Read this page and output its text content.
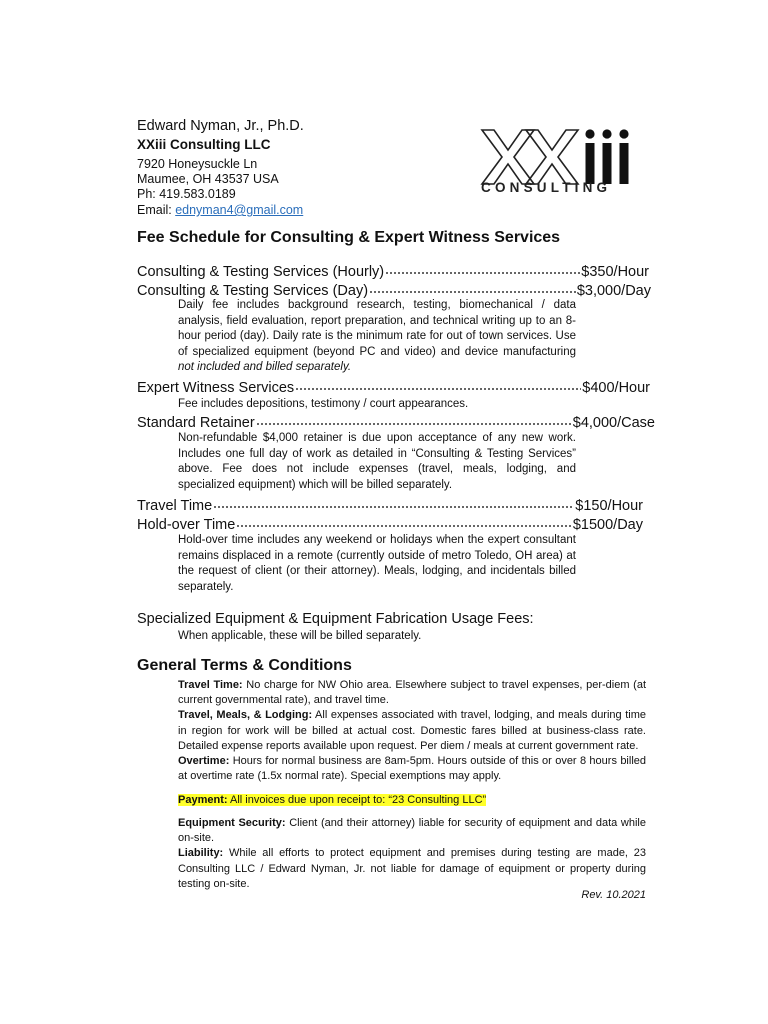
Edward Nyman, Jr., Ph.D.
XXiii Consulting LLC
7920 Honeysuckle Ln
Maumee, OH 43537 USA
Ph: 419.583.0189
Email: ednyman4@gmail.com
CONSULTING
Fee Schedule for Consulting & Expert Witness Services
Consulting & Testing Services (Hourly)	$350/Hour
Consulting & Testing Services (Day)	$3,000/Day
Daily fee includes background research, testing, biomechanical / data analysis, field evaluation, report preparation, and technical writing up to an 8-hour period (day). Daily rate is the minimum rate for out of town services. Use of specialized equipment (beyond PC and video) and device manufacturing not included and billed separately.
Expert Witness Services	$400/Hour
Fee includes depositions, testimony / court appearances.
Standard Retainer	$4,000/Case
Non-refundable $4,000 retainer is due upon acceptance of any new work. Includes one full day of work as detailed in “Consulting & Testing Services” above. Fee does not include expenses (travel, meals, lodging, and specialized equipment) which will be billed separately.
Travel Time	$150/Hour
Hold-over Time	$1500/Day
Hold-over time includes any weekend or holidays when the expert consultant remains displaced in a remote (currently outside of metro Toledo, OH area) at the request of client (or their attorney). Meals, lodging, and incidentals billed separately.
Specialized Equipment & Equipment Fabrication Usage Fees:
When applicable, these will be billed separately.
General Terms & Conditions
Travel Time: No charge for NW Ohio area. Elsewhere subject to travel expenses, per-diem (at current governmental rate), and travel time.
Travel, Meals, & Lodging: All expenses associated with travel, lodging, and meals during time in region for work will be billed at actual cost. Domestic fares billed at business-class rate. Detailed expense reports available upon request. Per diem / meals at current government rate.
Overtime: Hours for normal business are 8am-5pm. Hours outside of this or over 8 hours billed at overtime rate (1.5x normal rate). Special exemptions may apply.
Payment: All invoices due upon receipt to: “23 Consulting LLC”
Equipment Security: Client (and their attorney) liable for security of equipment and data while on-site.
Liability: While all efforts to protect equipment and premises during testing are made, 23 Consulting LLC / Edward Nyman, Jr. not liable for damage of equipment or property during testing on-site.
Rev. 10.2021
